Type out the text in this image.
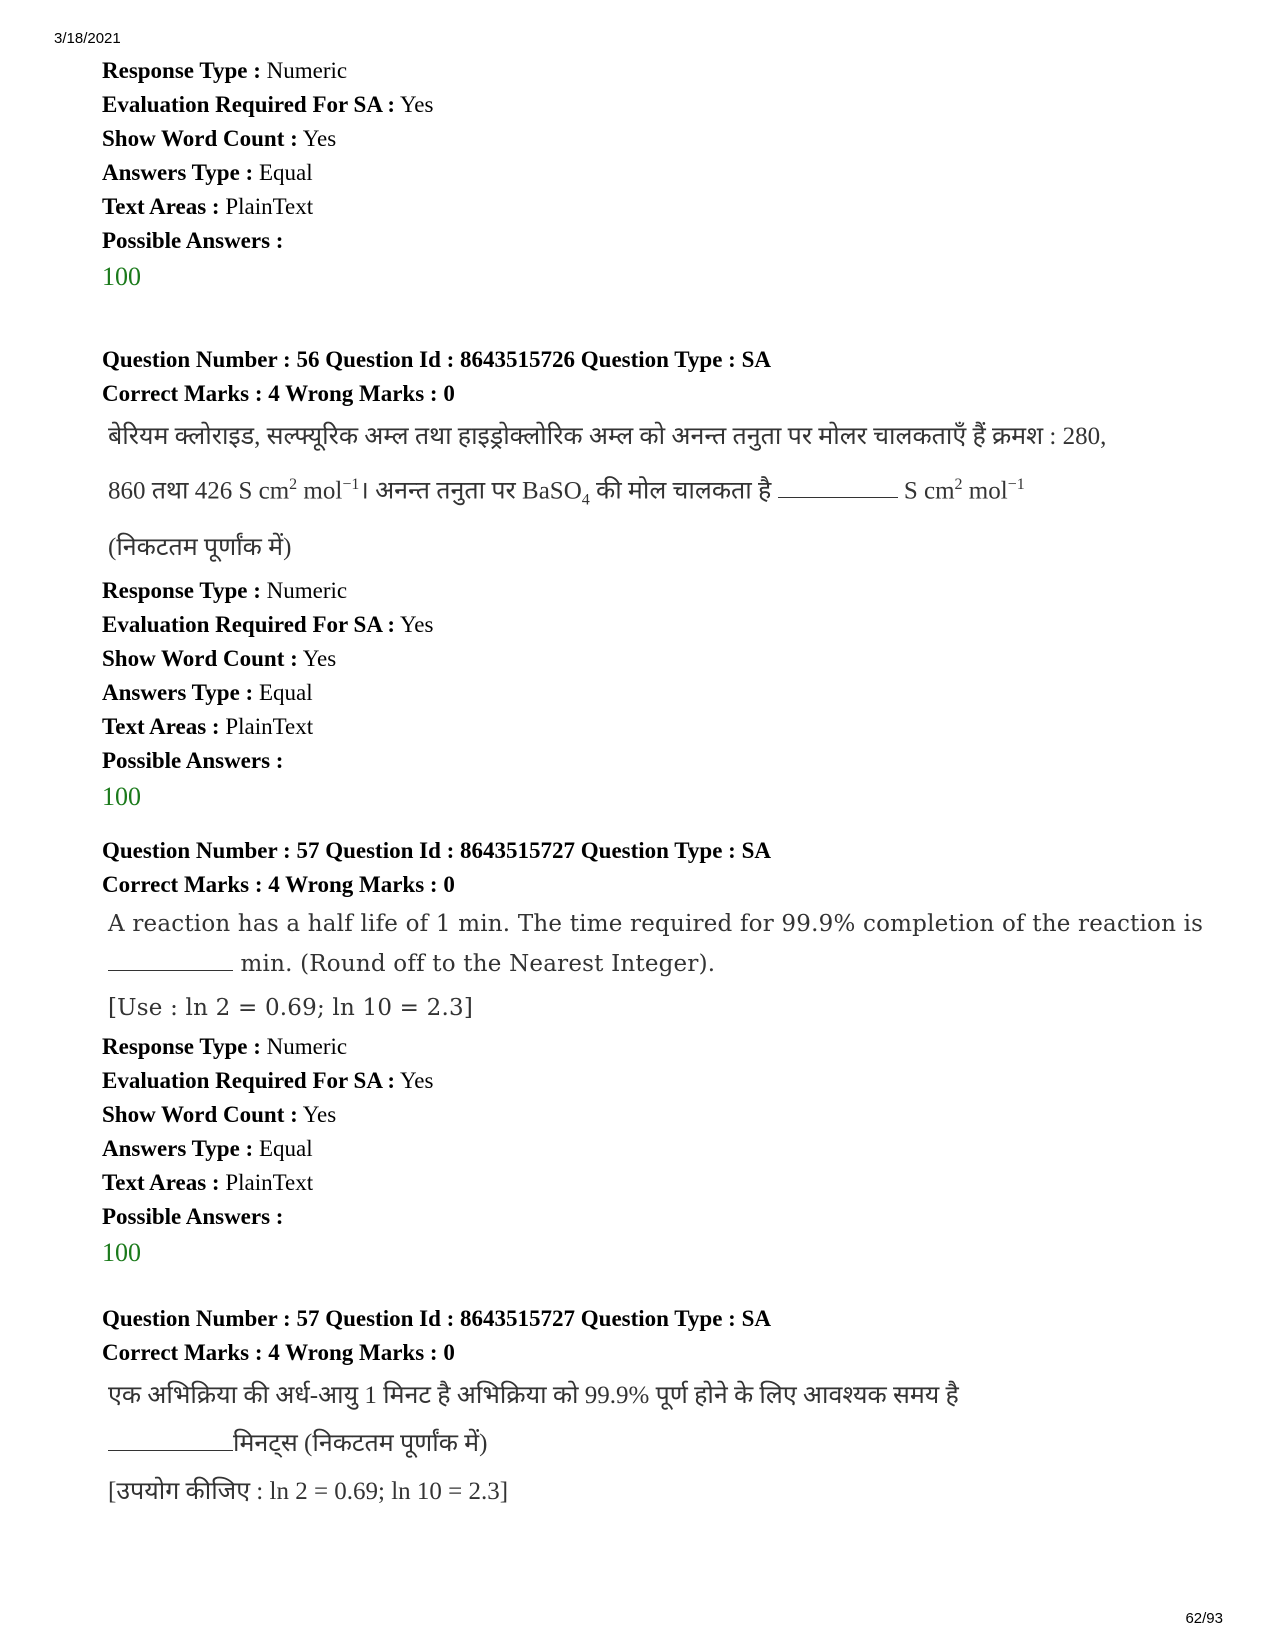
3/18/2021
Response Type : Numeric
Evaluation Required For SA : Yes
Show Word Count : Yes
Answers Type : Equal
Text Areas : PlainText
Possible Answers :
100
Question Number : 56 Question Id : 8643515726 Question Type : SA
Correct Marks : 4 Wrong Marks : 0
बेरियम क्लोराइड, सल्फ्यूरिक अम्ल तथा हाइड्रोक्लोरिक अम्ल को अनन्त तनुता पर मोलर चालकताएँ हैं क्रमश : 280,
860 तथा 426 S $cm^2$ mol$^{-1}$। अनन्त तनुता पर BaSO$_4$ की मोल चालकता है	S $cm^2$ mol$^{-1}$
(निकटतम पूर्णांक में)
Response Type : Numeric
Evaluation Required For SA : Yes
Show Word Count : Yes
Answers Type : Equal
Text Areas : PlainText
Possible Answers :
100
Question Number : 57 Question Id : 8643515727 Question Type : SA
Correct Marks : 4 Wrong Marks : 0
A reaction has a half life of 1 min. The time required for 99.9% completion of the reaction is
min. (Round off to the Nearest Integer).
[Use : ln 2 = 0.69; ln 10 = 2.3]
Response Type : Numeric
Evaluation Required For SA : Yes
Show Word Count : Yes
Answers Type : Equal
Text Areas : PlainText
Possible Answers :
100
Question Number : 57 Question Id : 8643515727 Question Type : SA
Correct Marks : 4 Wrong Marks : 0
एक अभिक्रिया की अर्ध-आयु 1 मिनट है अभिक्रिया को 99.9% पूर्ण होने के लिए आवश्यक समय है
मिनट्स (निकटतम पूर्णांक में)
[उपयोग कीजिए : ln 2 = 0.69; ln 10 = 2.3]
62/93
